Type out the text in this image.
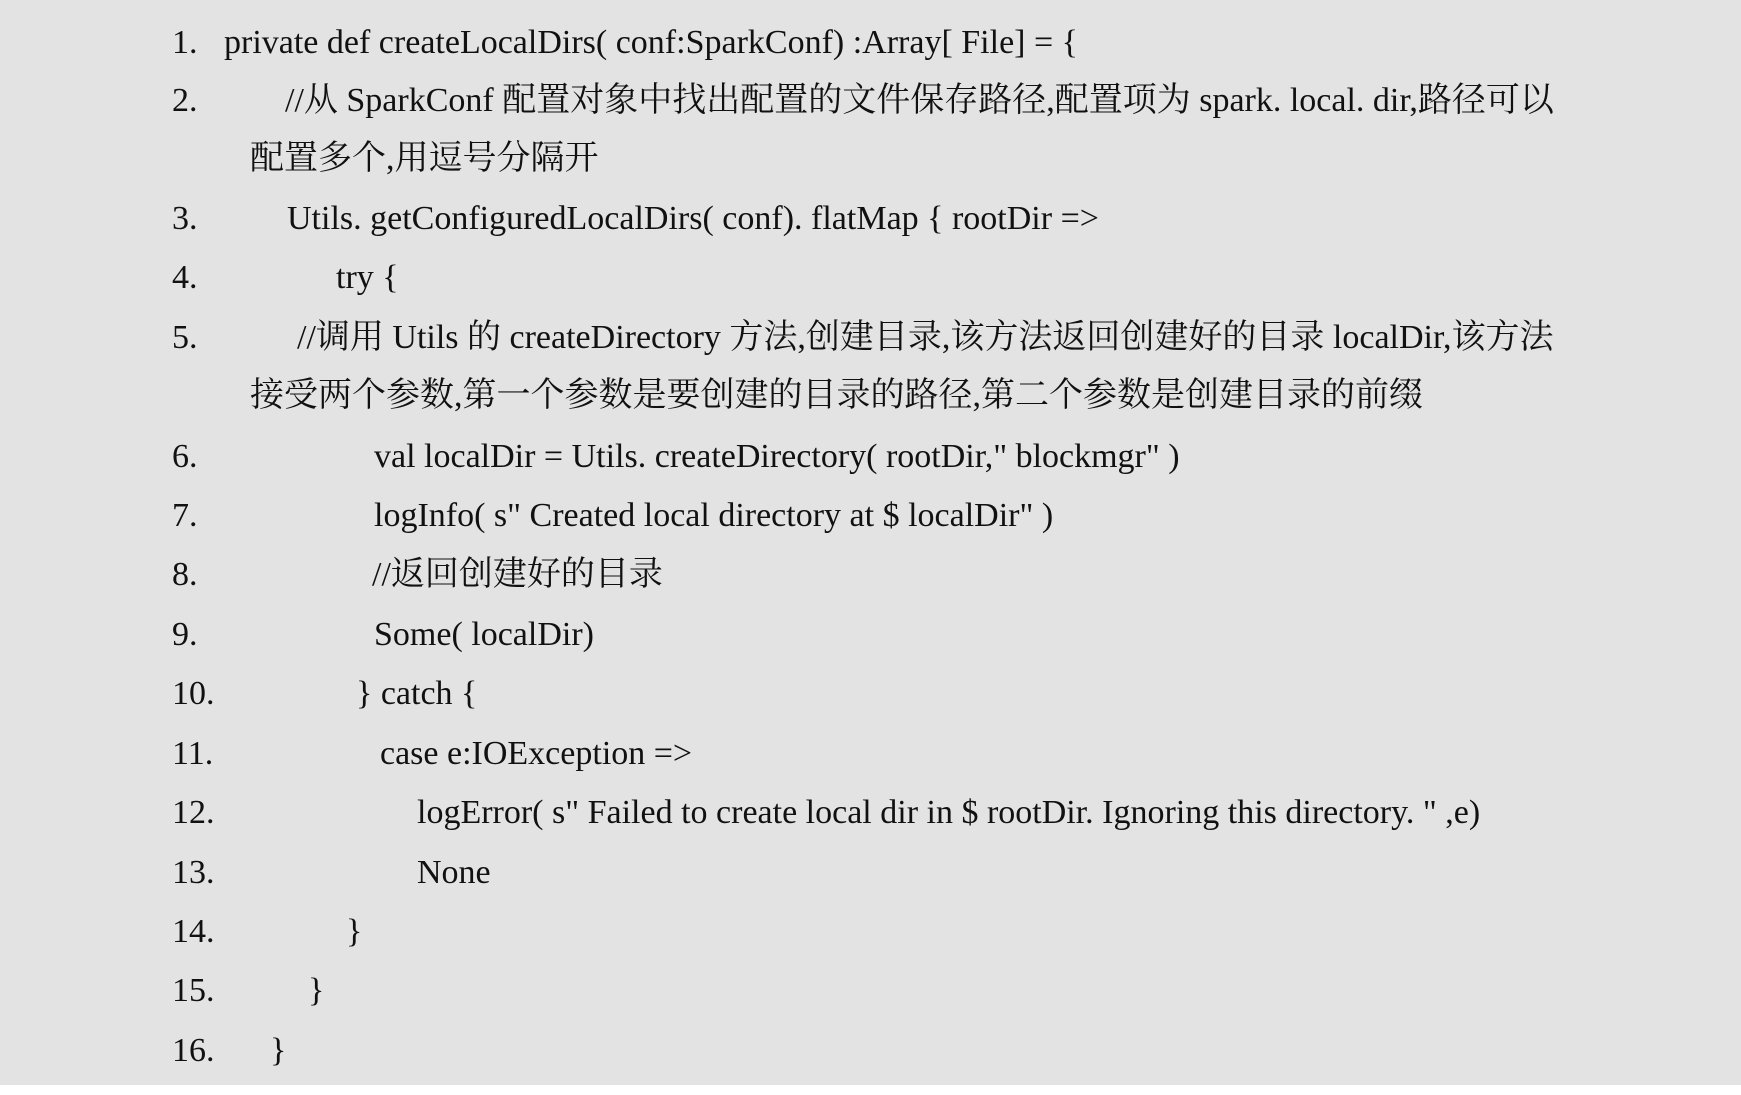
1. private def createLocalDirs( conf:SparkConf) :Array[ File] = {
2.	//从 SparkConf 配置对象中找出配置的文件保存路径,配置项为 spark. local. dir,路径可以
配置多个,用逗号分隔开
3.	Utils. getConfiguredLocalDirs( conf). flatMap { rootDir =>
4.	try {
5.	//调用 Utils 的 createDirectory 方法,创建目录,该方法返回创建好的目录 localDir,该方法
接受两个参数,第一个参数是要创建的目录的路径,第二个参数是创建目录的前缀
6.	val localDir = Utils. createDirectory( rootDir," blockmgr" )
7.	logInfo( s" Created local directory at $ localDir" )
8.	//返回创建好的目录
9.	Some( localDir)
10.	} catch {
11.	case e:IOException =>
12.	logError( s" Failed to create local dir in $ rootDir. Ignoring this directory. " ,e)
13.	None
14.	}
15.	}
16. }
